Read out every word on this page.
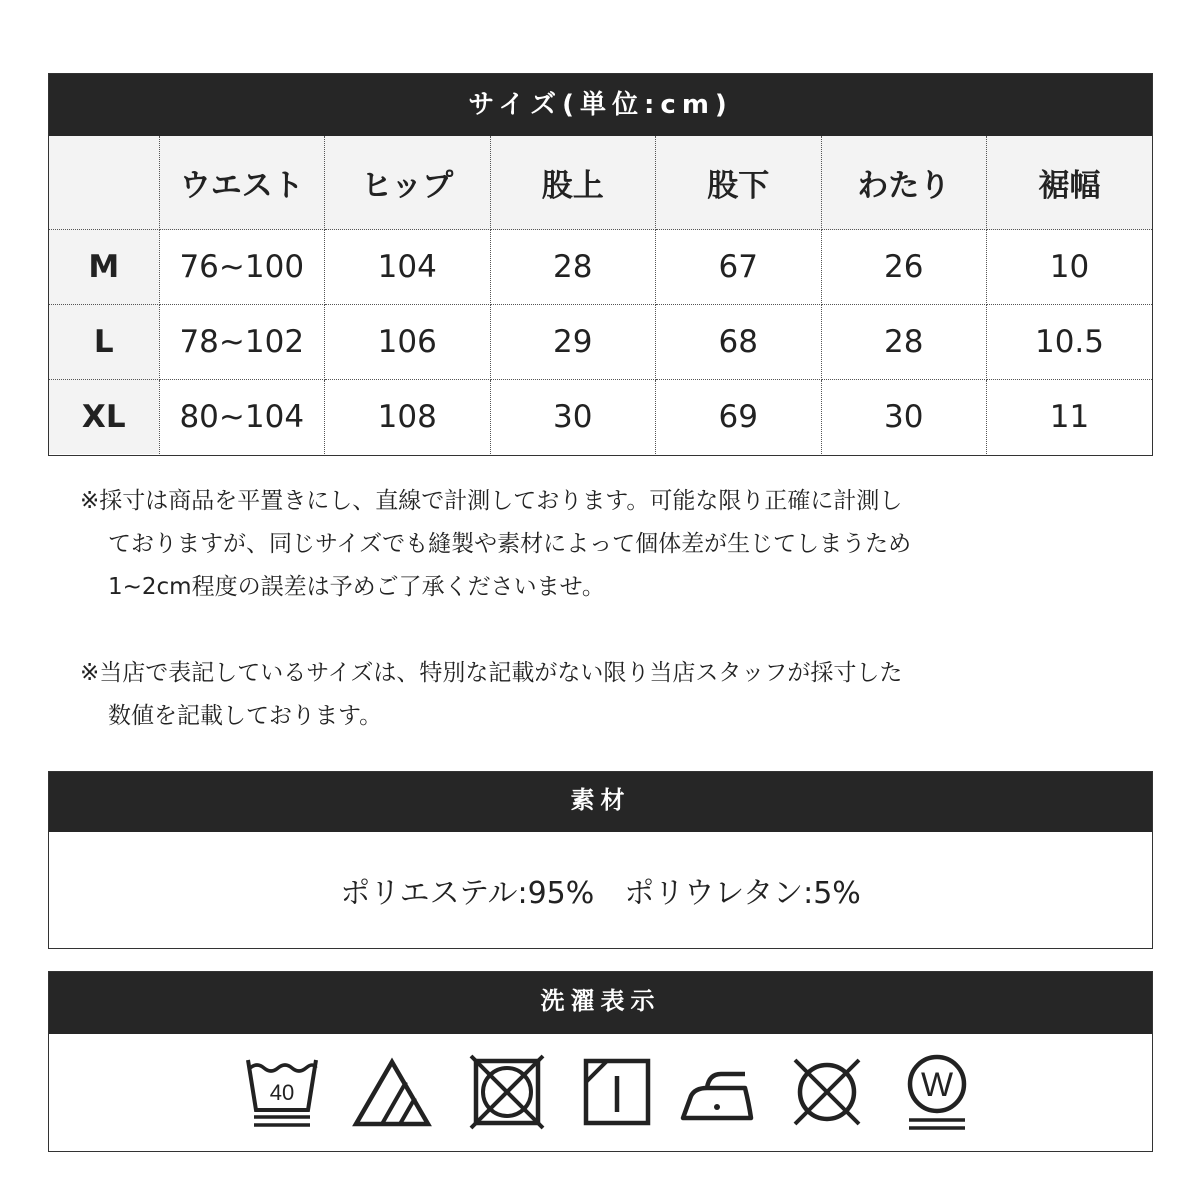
サイズ(単位:cm)
	ウエスト	ヒップ	股上	股下	わたり	裾幅
M	76~100	104	28	67	26	10
L	78~102	106	29	68	28	10.5
XL	80~104	108	30	69	30	11
※採寸は商品を平置きにし、直線で計測しております。可能な限り正確に計測し
ておりますが、同じサイズでも縫製や素材によって個体差が生じてしまうため
1~2cm程度の誤差は予めご了承くださいませ。
※当店で表記しているサイズは、特別な記載がない限り当店スタッフが採寸した
数値を記載しております。
素材
ポリエステル:95% ポリウレタン:5%
洗濯表示
40	W
